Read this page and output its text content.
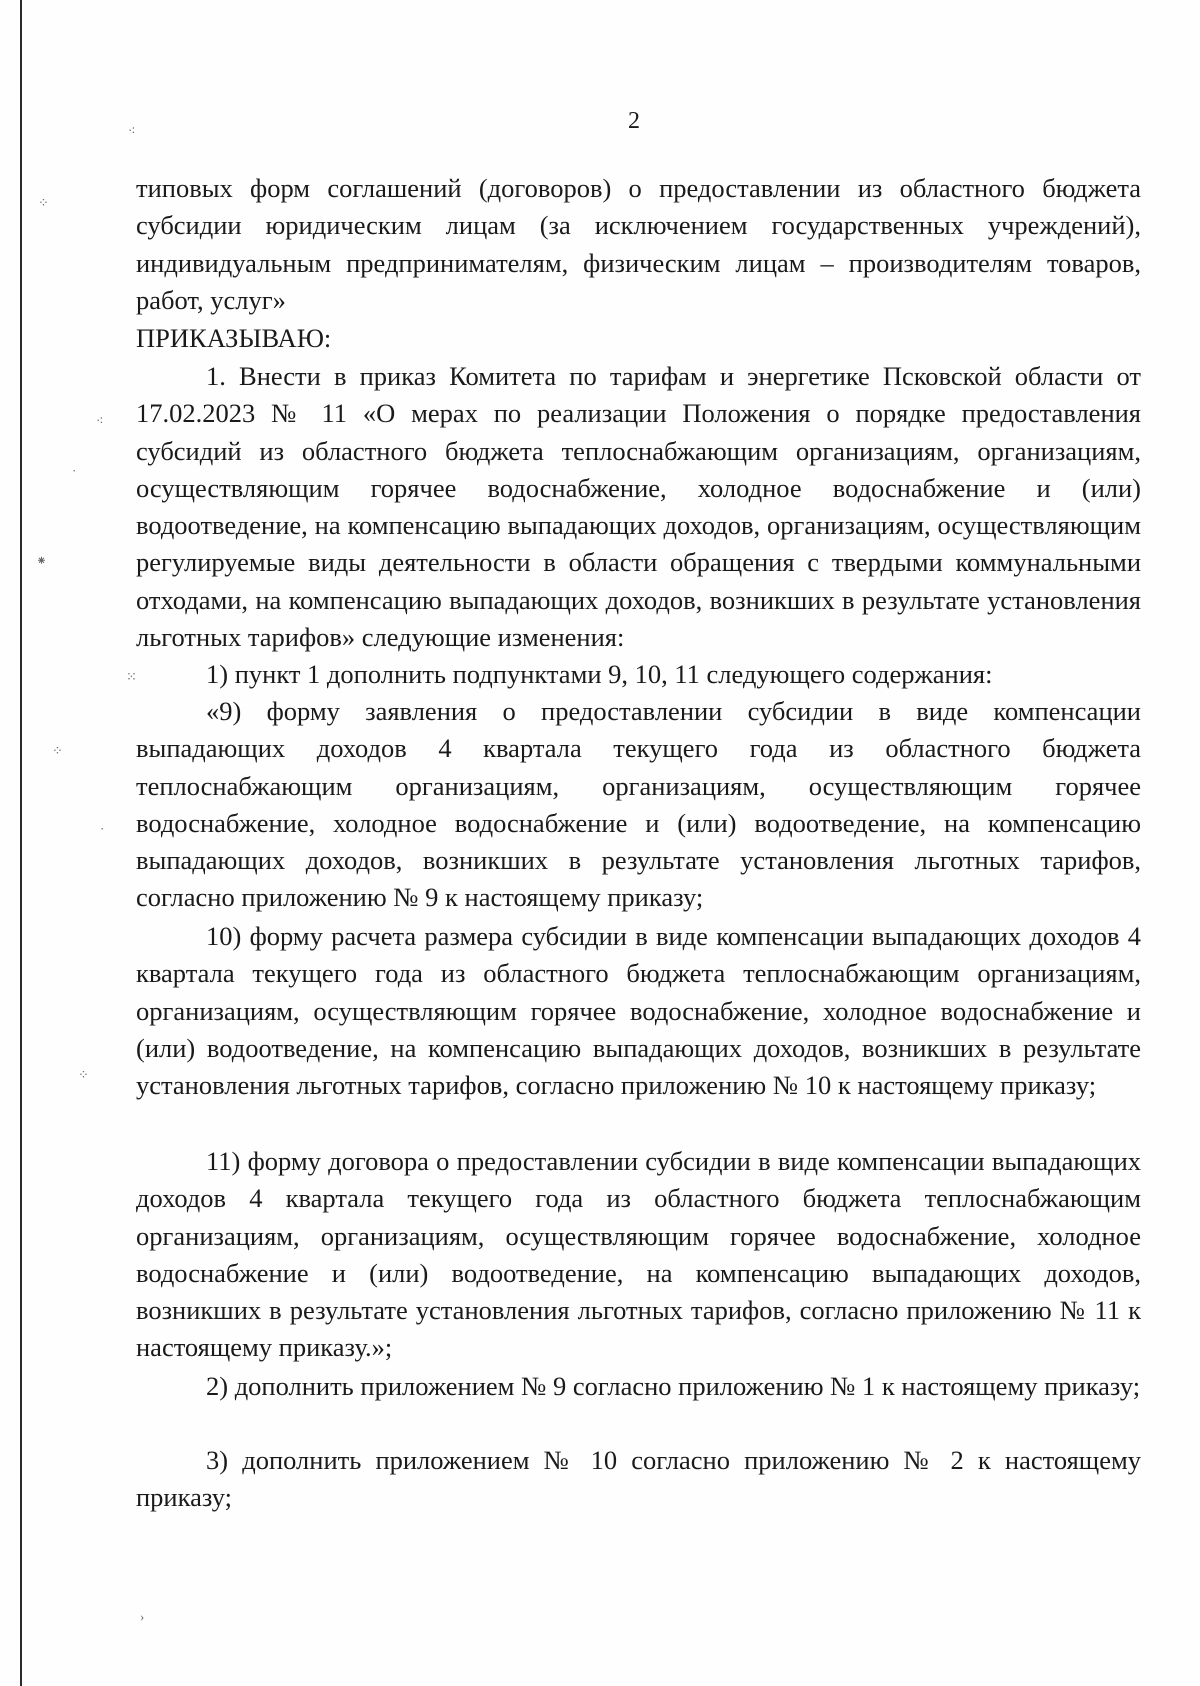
⁖
⁘
⁖
·
⁕
⁙
⁘
·
⁘
›
2

типовых форм соглашений (договоров) о предоставлении из областного бюджета субсидии юридическим лицам (за исключением государственных учреждений), индивидуальным предпринимателям, физическим лицам – производителям товаров, работ, услуг»

ПРИКАЗЫВАЮ:

1. Внести в приказ Комитета по тарифам и энергетике Псковской области от 17.02.2023 № 11 «О мерах по реализации Положения о порядке предоставления субсидий из областного бюджета теплоснабжающим организациям, организациям, осуществляющим горячее водоснабжение, холодное водоснабжение и (или) водоотведение, на компенсацию выпадающих доходов, организациям, осуществляющим регулируемые виды деятельности в области обращения с твердыми коммунальными отходами, на компенсацию выпадающих доходов, возникших в результате установления льготных тарифов» следующие изменения:

1) пункт 1 дополнить подпунктами 9, 10, 11 следующего содержания:

«9) форму заявления о предоставлении субсидии в виде компенсации выпадающих доходов 4 квартала текущего года из областного бюджета теплоснабжающим организациям, организациям, осуществляющим горячее водоснабжение, холодное водоснабжение и (или) водоотведение, на компенсацию выпадающих доходов, возникших в результате установления льготных тарифов, согласно приложению № 9 к настоящему приказу;

10) форму расчета размера субсидии в виде компенсации выпадающих доходов 4 квартала текущего года из областного бюджета теплоснабжающим организациям, организациям, осуществляющим горячее водоснабжение, холодное водоснабжение и (или) водоотведение, на компенсацию выпадающих доходов, возникших в результате установления льготных тарифов, согласно приложению № 10 к настоящему приказу;

11) форму договора о предоставлении субсидии в виде компенсации выпадающих доходов 4 квартала текущего года из областного бюджета теплоснабжающим организациям, организациям, осуществляющим горячее водоснабжение, холодное водоснабжение и (или) водоотведение, на компенсацию выпадающих доходов, возникших в результате установления льготных тарифов, согласно приложению № 11 к настоящему приказу.»;

2) дополнить приложением № 9 согласно приложению № 1 к настоящему приказу;

3) дополнить приложением № 10 согласно приложению № 2 к настоящему приказу;
